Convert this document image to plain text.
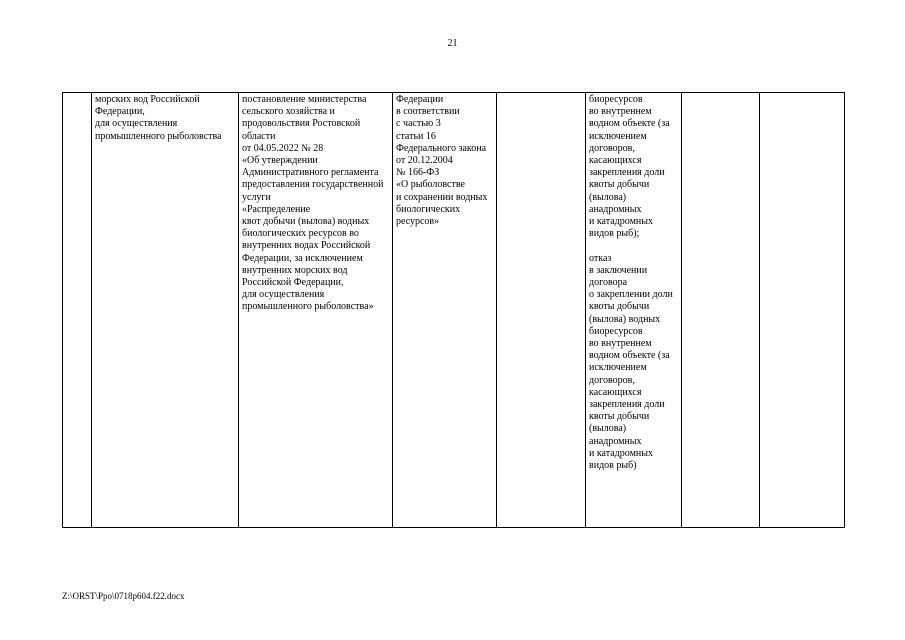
21
	морских вод Российской Федерации,
для осуществления промышленного рыболовства	постановление министерства сельского хозяйства и продовольствия Ростовской области
от 04.05.2022 № 28
«Об утверждении Административного регламента предоставления государственной услуги
«Распределение
квот добычи (вылова) водных биологических ресурсов во внутренних водах Российской Федерации, за исключением внутренних морских вод Российской Федерации,
для осуществления промышленного рыболовства»	Федерации
в соответствии
с частью 3
статьи 16 Федерального закона
от 20.12.2004
№ 166-ФЗ
«О рыболовстве
и сохранении водных биологических ресурсов»		биоресурсов
во внутреннем водном объекте (за исключением договоров, касающихся закрепления доли квоты добычи (вылова) анадромных
и катадромных видов рыб);

отказ
в заключении договора
о закреплении доли квоты добычи (вылова) водных биоресурсов
во внутреннем водном объекте (за исключением договоров, касающихся закрепления доли квоты добычи (вылова) анадромных
и катадромных видов рыб)		
Z:\ORST\Ppo\0718p604.f22.docx
